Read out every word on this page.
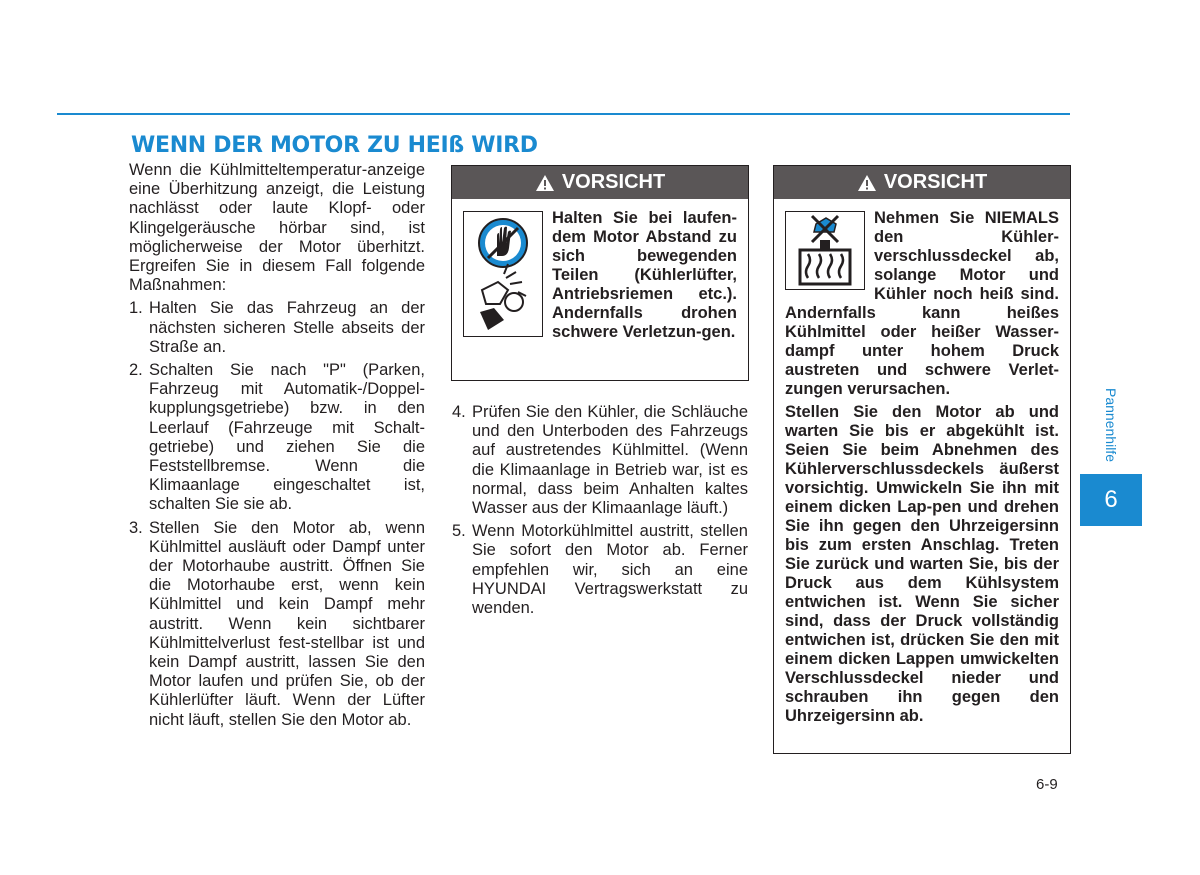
WENN DER MOTOR ZU HEIß WIRD

Wenn die Kühlmitteltemperatur-anzeige eine Überhitzung anzeigt, die Leistung nachlässt oder laute Klopf- oder Klingelgeräusche hörbar sind, ist möglicherweise der Motor überhitzt. Ergreifen Sie in diesem Fall folgende Maßnahmen:

1. Halten Sie das Fahrzeug an der nächsten sicheren Stelle abseits der Straße an.
2. Schalten Sie nach "P" (Parken, Fahrzeug mit Automatik-/Doppel-kupplungsgetriebe) bzw. in den Leerlauf (Fahrzeuge mit Schalt-getriebe) und ziehen Sie die Feststellbremse. Wenn die Klimaanlage eingeschaltet ist, schalten Sie sie ab.
3. Stellen Sie den Motor ab, wenn Kühlmittel ausläuft oder Dampf unter der Motorhaube austritt. Öffnen Sie die Motorhaube erst, wenn kein Kühlmittel und kein Dampf mehr austritt. Wenn kein sichtbarer Kühlmittelverlust fest-stellbar ist und kein Dampf austritt, lassen Sie den Motor laufen und prüfen Sie, ob der Kühlerlüfter läuft. Wenn der Lüfter nicht läuft, stellen Sie den Motor ab.
VORSICHT

Halten Sie bei laufen-dem Motor Abstand zu sich bewegenden Teilen (Kühlerlüfter, Antriebsriemen etc.). Andernfalls drohen schwere Verletzun-gen.

4. Prüfen Sie den Kühler, die Schläuche und den Unterboden des Fahrzeugs auf austretendes Kühlmittel. (Wenn die Klimaanlage in Betrieb war, ist es normal, dass beim Anhalten kaltes Wasser aus der Klimaanlage läuft.)
5. Wenn Motorkühlmittel austritt, stellen Sie sofort den Motor ab. Ferner empfehlen wir, sich an eine HYUNDAI Vertragswerkstatt zu wenden.
VORSICHT

Nehmen Sie NIEMALS den Kühler-verschlussdeckel ab, solange Motor und Kühler noch heiß sind. Andernfalls kann heißes Kühlmittel oder heißer Wasser-dampf unter hohem Druck austreten und schwere Verlet-zungen verursachen.

Stellen Sie den Motor ab und warten Sie bis er abgekühlt ist. Seien Sie beim Abnehmen des Kühlerverschlussdeckels äußerst vorsichtig. Umwickeln Sie ihn mit einem dicken Lap-pen und drehen Sie ihn gegen den Uhrzeigersinn bis zum ersten Anschlag. Treten Sie zurück und warten Sie, bis der Druck aus dem Kühlsystem entwichen ist. Wenn Sie sicher sind, dass der Druck vollständig entwichen ist, drücken Sie den mit einem dicken Lappen umwickelten Verschlussdeckel nieder und schrauben ihn gegen den Uhrzeigersinn ab.

Pannenhilfe
6
6-9
